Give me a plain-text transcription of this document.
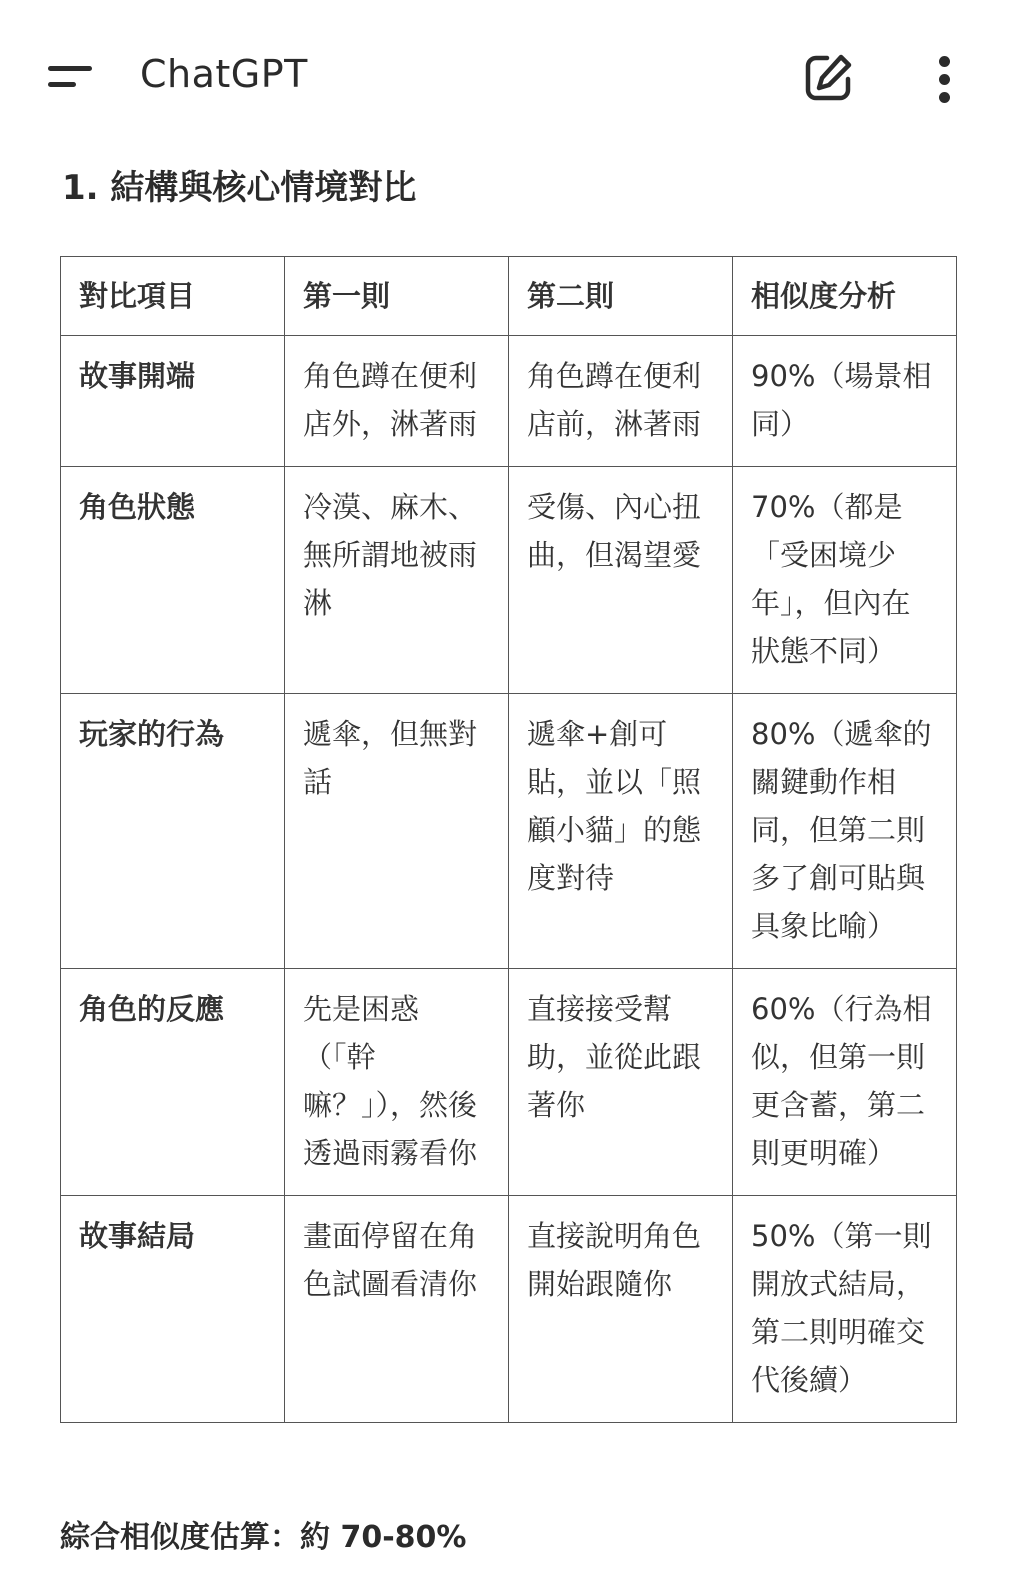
ChatGPT
1. 結構與核心情境對比
對比項目	第一則	第二則	相似度分析
故事開端	角色蹲在便利店外，淋著雨	角色蹲在便利店前，淋著雨	90%（場景相同）
角色狀態	冷漠、麻木、無所謂地被雨淋	受傷、內心扭曲，但渴望愛	70%（都是「受困境少年」，但內在狀態不同）
玩家的行為	遞傘，但無對話	遞傘+創可貼，並以「照顧小貓」的態度對待	80%（遞傘的關鍵動作相同，但第二則多了創可貼與具象比喻）
角色的反應	先是困惑（「幹嘛？」），然後透過雨霧看你	直接接受幫助，並從此跟著你	60%（行為相似，但第一則更含蓄，第二則更明確）
故事結局	畫面停留在角色試圖看清你	直接說明角色開始跟隨你	50%（第一則開放式結局，第二則明確交代後續）

綜合相似度估算：約 70-80%
